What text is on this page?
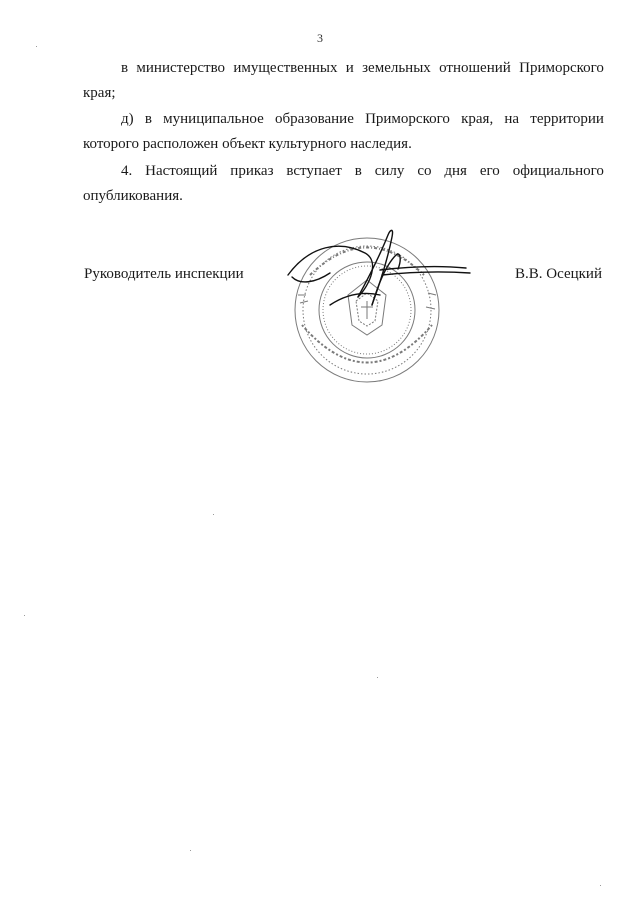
3
в министерство имущественных и земельных отношений Приморского
края;
д) в муниципальное образование Приморского края, на территории
которого расположен объект культурного наследия.
4. Настоящий приказ вступает в силу со дня его официального
опубликования.
Руководитель инспекции	В.В. Осецкий
